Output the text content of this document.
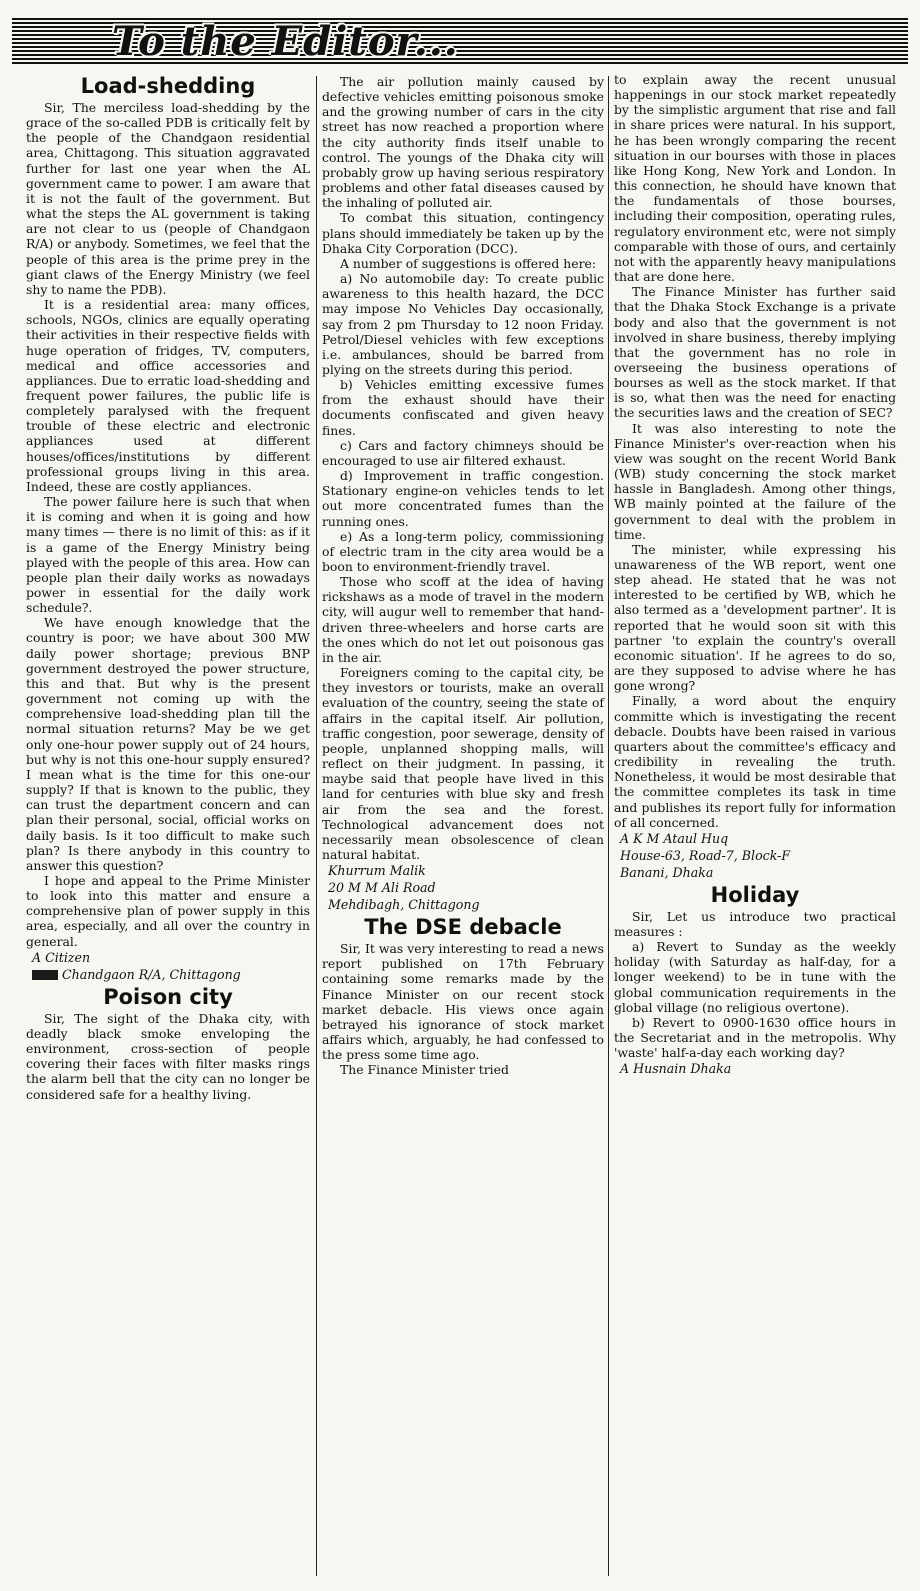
To the Editor...
Load-shedding

Sir, The merciless load-shedding by the grace of the so-called PDB is critically felt by the people of the Chandgaon residential area, Chittagong. This situation aggravated further for last one year when the AL government came to power. I am aware that it is not the fault of the government. But what the steps the AL government is taking are not clear to us (people of Chandgaon R/A) or anybody. Sometimes, we feel that the people of this area is the prime prey in the giant claws of the Energy Ministry (we feel shy to name the PDB).

It is a residential area: many offices, schools, NGOs, clinics are equally operating their activities in their respective fields with huge operation of fridges, TV, computers, medical and office accessories and appliances. Due to erratic load-shedding and frequent power failures, the public life is completely paralysed with the frequent trouble of these electric and electronic appliances used at different houses/offices/institutions by different professional groups living in this area. Indeed, these are costly appliances.

The power failure here is such that when it is coming and when it is going and how many times — there is no limit of this: as if it is a game of the Energy Ministry being played with the people of this area. How can people plan their daily works as nowadays power in essential for the daily work schedule?.

We have enough knowledge that the country is poor; we have about 300 MW daily power shortage; previous BNP government destroyed the power structure, this and that. But why is the present government not coming up with the comprehensive load-shedding plan till the normal situation returns? May be we get only one-hour power supply out of 24 hours, but why is not this one-hour supply ensured? I mean what is the time for this one-our supply? If that is known to the public, they can trust the department concern and can plan their personal, social, official works on daily basis. Is it too difficult to make such plan? Is there anybody in this country to answer this question?

I hope and appeal to the Prime Minister to look into this matter and ensure a comprehensive plan of power supply in this area, especially, and all over the country in general.

A Citizen

Chandgaon R/A, Chittagong

Poison city

Sir, The sight of the Dhaka city, with deadly black smoke enveloping the environment, cross-section of people covering their faces with filter masks rings the alarm bell that the city can no longer be considered safe for a healthy living.

The air pollution mainly caused by defective vehicles emitting poisonous smoke and the growing number of cars in the city street has now reached a proportion where the city authority finds itself unable to control. The youngs of the Dhaka city will probably grow up having serious respiratory problems and other fatal diseases caused by the inhaling of polluted air.

To combat this situation, contingency plans should immediately be taken up by the Dhaka City Corporation (DCC).

A number of suggestions is offered here:

a) No automobile day: To create public awareness to this health hazard, the DCC may impose No Vehicles Day occasionally, say from 2 pm Thursday to 12 noon Friday. Petrol/Diesel vehicles with few exceptions i.e. ambulances, should be barred from plying on the streets during this period.

b) Vehicles emitting excessive fumes from the exhaust should have their documents confiscated and given heavy fines.

c) Cars and factory chimneys should be encouraged to use air filtered exhaust.

d) Improvement in traffic congestion. Stationary engine-on vehicles tends to let out more concentrated fumes than the running ones.

e) As a long-term policy, commissioning of electric tram in the city area would be a boon to environment-friendly travel.

Those who scoff at the idea of having rickshaws as a mode of travel in the modern city, will augur well to remember that hand-driven three-wheelers and horse carts are the ones which do not let out poisonous gas in the air.

Foreigners coming to the capital city, be they investors or tourists, make an overall evaluation of the country, seeing the state of affairs in the capital itself. Air pollution, traffic congestion, poor sewerage, density of people, unplanned shopping malls, will reflect on their judgment. In passing, it maybe said that people have lived in this land for centuries with blue sky and fresh air from the sea and the forest. Technological advancement does not necessarily mean obsolescence of clean natural habitat.

Khurrum Malik

20 M M Ali Road

Mehdibagh, Chittagong

The DSE debacle

Sir, It was very interesting to read a news report published on 17th February containing some remarks made by the Finance Minister on our recent stock market debacle. His views once again betrayed his ignorance of stock market affairs which, arguably, he had confessed to the press some time ago.

The Finance Minister tried

to explain away the recent unusual happenings in our stock market repeatedly by the simplistic argument that rise and fall in share prices were natural. In his support, he has been wrongly comparing the recent situation in our bourses with those in places like Hong Kong, New York and London. In this connection, he should have known that the fundamentals of those bourses, including their composition, operating rules, regulatory environment etc, were not simply comparable with those of ours, and certainly not with the apparently heavy manipulations that are done here.

The Finance Minister has further said that the Dhaka Stock Exchange is a private body and also that the government is not involved in share business, thereby implying that the government has no role in overseeing the business operations of bourses as well as the stock market. If that is so, what then was the need for enacting the securities laws and the creation of SEC?

It was also interesting to note the Finance Minister's over-reaction when his view was sought on the recent World Bank (WB) study concerning the stock market hassle in Bangladesh. Among other things, WB mainly pointed at the failure of the government to deal with the problem in time.

The minister, while expressing his unawareness of the WB report, went one step ahead. He stated that he was not interested to be certified by WB, which he also termed as a 'development partner'. It is reported that he would soon sit with this partner 'to explain the country's overall economic situation'. If he agrees to do so, are they supposed to advise where he has gone wrong?

Finally, a word about the enquiry committe which is investigating the recent debacle. Doubts have been raised in various quarters about the committee's efficacy and credibility in revealing the truth. Nonetheless, it would be most desirable that the committee completes its task in time and publishes its report fully for information of all concerned.

A K M Ataul Huq

House-63, Road-7, Block-F

Banani, Dhaka

Holiday

Sir, Let us introduce two practical measures :

a) Revert to Sunday as the weekly holiday (with Saturday as half-day, for a longer weekend) to be in tune with the global communication requirements in the global village (no religious overtone).

b) Revert to 0900-1630 office hours in the Secretariat and in the metropolis. Why 'waste' half-a-day each working day?

A Husnain Dhaka
